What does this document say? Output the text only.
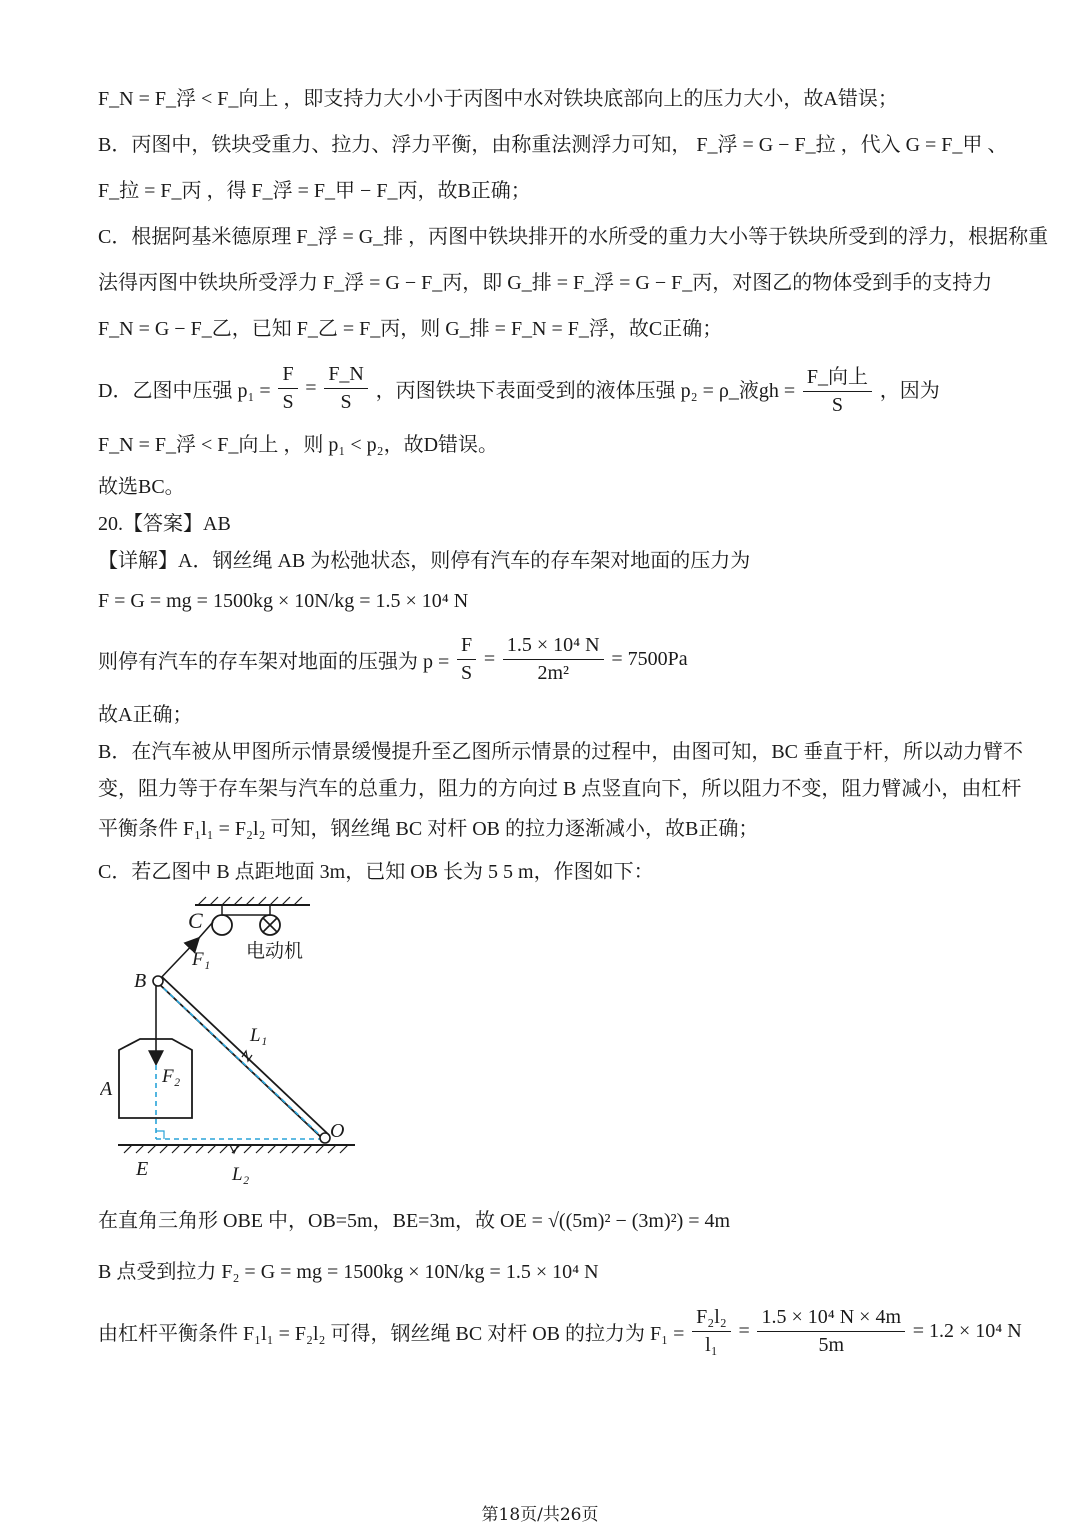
F_N = F_浮 < F_向上 ，即支持力大小小于丙图中水对铁块底部向上的压力大小，故A错误；
B．丙图中，铁块受重力、拉力、浮力平衡，由称重法测浮力可知， F_浮 = G − F_拉 ，代入 G = F_甲 、
F_拉 = F_丙 ，得 F_浮 = F_甲 − F_丙，故B正确；
C．根据阿基米德原理 F_浮 = G_排 ，丙图中铁块排开的水所受的重力大小等于铁块所受到的浮力，根据称重
法得丙图中铁块所受浮力 F_浮 = G − F_丙，即 G_排 = F_浮 = G − F_丙，对图乙的物体受到手的支持力
F_N = G − F_乙，已知 F_乙 = F_丙，则 G_排 = F_N = F_浮，故C正确；
D．乙图中压强 $p_1 = \frac{F}{S} = \frac{F\_N}{S}$ ，丙图铁块下表面受到的液体压强 p₂ = ρ_液gh = $\frac{\text{F\_向上}}{S}$ ，因为
F_N = F_浮 < F_向上 ，则 p₁ < p₂，故D错误。
故选BC。
20.【答案】AB
【详解】A．钢丝绳 AB 为松弛状态，则停有汽车的存车架对地面的压力为
F = G = mg = 1500kg × 10N/kg = 1.5 × 10⁴ N
则停有汽车的存车架对地面的压强为 $p = \frac{F}{S} = \frac{\text{1.5 × 10⁴ N}}{\text{2m²}} = 7500Pa$
故A正确；
B．在汽车被从甲图所示情景缓慢提升至乙图所示情景的过程中，由图可知，BC 垂直于杆，所以动力臂不
变，阻力等于存车架与汽车的总重力，阻力的方向过 B 点竖直向下，所以阻力不变，阻力臂减小，由杠杆
平衡条件 F₁l₁ = F₂l₂ 可知，钢丝绳 BC 对杆 OB 的拉力逐渐减小，故B正确；
C．若乙图中 B 点距地面 3m，已知 OB 长为 5 5 m，作图如下：
C
F₁ 电动机
B
L₁
F₂
A
O
E	L₂
在直角三角形 OBE 中，OB=5m，BE=3m，故 OE = √((5m)² − (3m)²) = 4m
B 点受到拉力 F₂ = G = mg = 1500kg × 10N/kg = 1.5 × 10⁴ N
由杠杆平衡条件 F₁l₁ = F₂l₂ 可得，钢丝绳 BC 对杆 OB 的拉力为 $F_1 = \frac{\text{F₂l₂}}{\text{l₁}} = \frac{\text{1.5 × 10⁴ N × 4m}}{5m} = 1.2 \times 10^4$ N
第18页/共26页
